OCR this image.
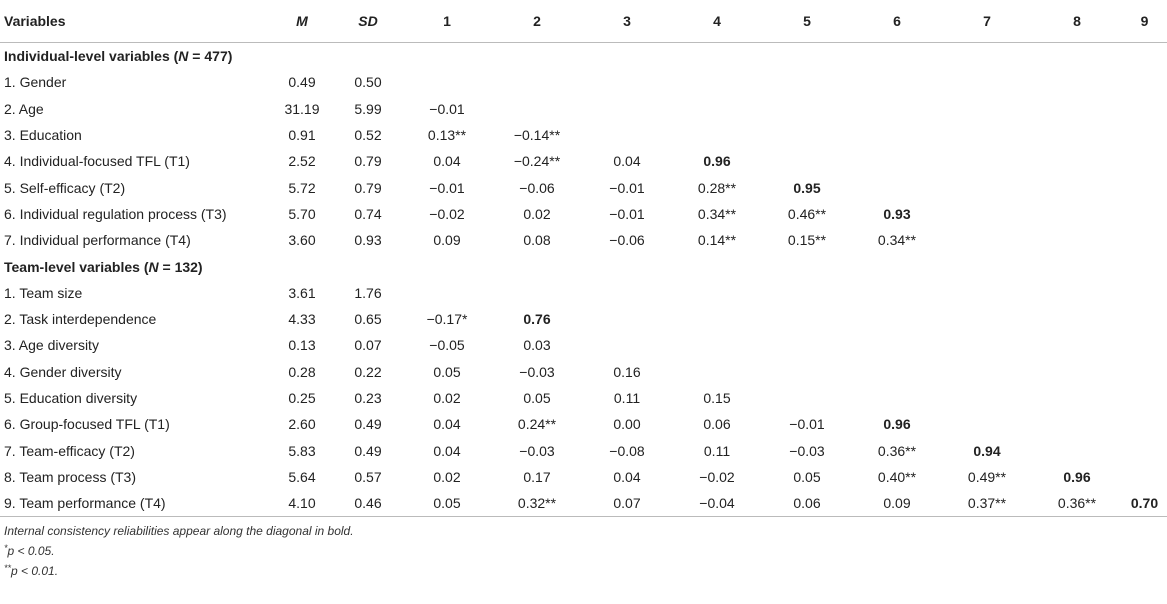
Variables	M	SD	1	2	3	4	5	6	7	8	9
Individual-level variables (N = 477)											
1. Gender	0.49	0.50									
2. Age	31.19	5.99	−0.01								
3. Education	0.91	0.52	0.13**	−0.14**							
4. Individual-focused TFL (T1)	2.52	0.79	0.04	−0.24**	0.04	0.96					
5. Self-efficacy (T2)	5.72	0.79	−0.01	−0.06	−0.01	0.28**	0.95				
6. Individual regulation process (T3)	5.70	0.74	−0.02	0.02	−0.01	0.34**	0.46**	0.93			
7. Individual performance (T4)	3.60	0.93	0.09	0.08	−0.06	0.14**	0.15**	0.34**			
Team-level variables (N = 132)											
1. Team size	3.61	1.76									
2. Task interdependence	4.33	0.65	−0.17*	0.76							
3. Age diversity	0.13	0.07	−0.05	0.03							
4. Gender diversity	0.28	0.22	0.05	−0.03	0.16						
5. Education diversity	0.25	0.23	0.02	0.05	0.11	0.15					
6. Group-focused TFL (T1)	2.60	0.49	0.04	0.24**	0.00	0.06	−0.01	0.96			
7. Team-efficacy (T2)	5.83	0.49	0.04	−0.03	−0.08	0.11	−0.03	0.36**	0.94		
8. Team process (T3)	5.64	0.57	0.02	0.17	0.04	−0.02	0.05	0.40**	0.49**	0.96	
9. Team performance (T4)	4.10	0.46	0.05	0.32**	0.07	−0.04	0.06	0.09	0.37**	0.36**	0.70
Internal consistency reliabilities appear along the diagonal in bold.
*p < 0.05.
**p < 0.01.
